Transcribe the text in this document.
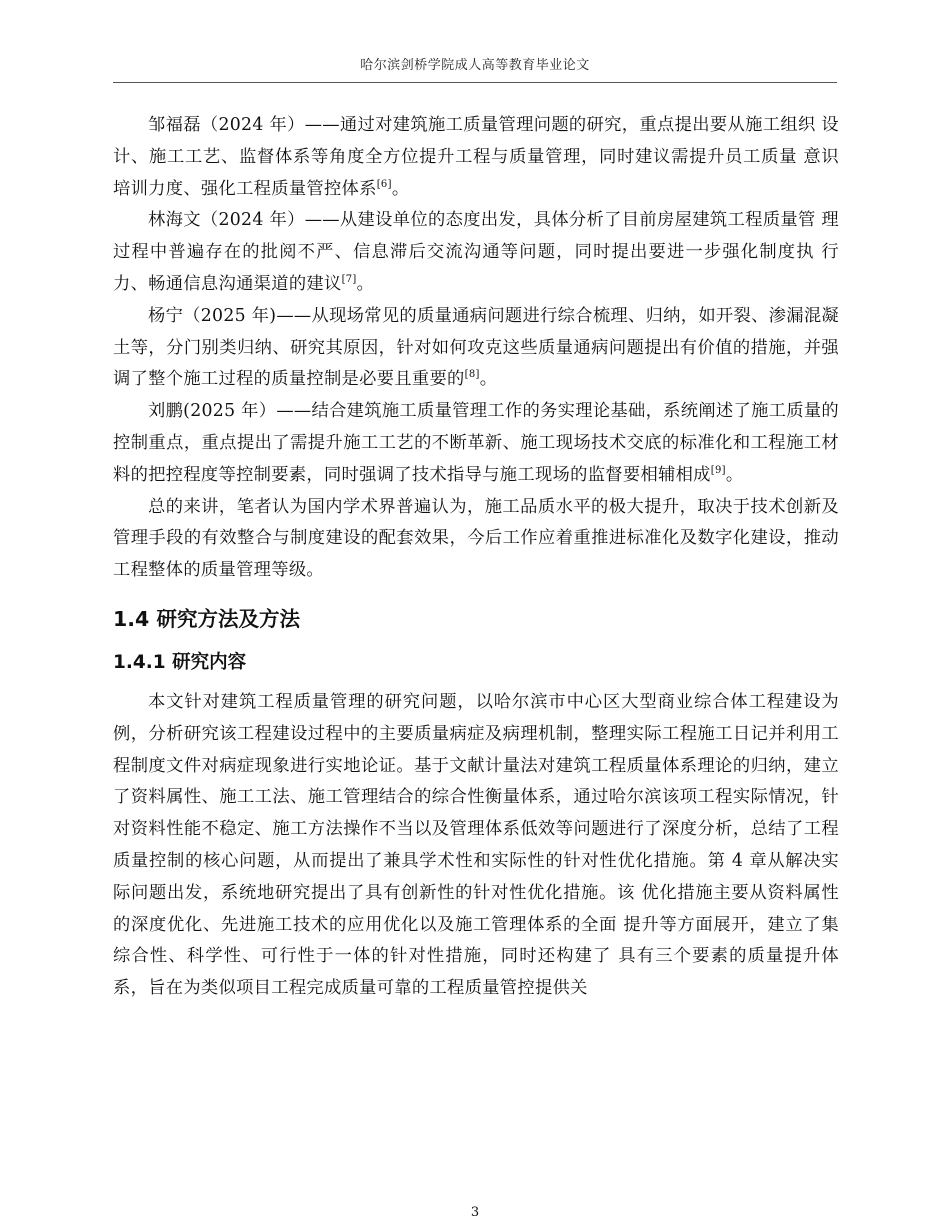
哈尔滨剑桥学院成人高等教育毕业论文

邹福磊（2024 年）——通过对建筑施工质量管理问题的研究，重点提出要从施工组织 设计、施工工艺、监督体系等角度全方位提升工程与质量管理，同时建议需提升员工质量 意识培训力度、强化工程质量管控体系[6]。

林海文（2024 年）——从建设单位的态度出发，具体分析了目前房屋建筑工程质量管 理过程中普遍存在的批阅不严、信息滞后交流沟通等问题，同时提出要进一步强化制度执 行力、畅通信息沟通渠道的建议[7]。

杨宁（2025 年)——从现场常见的质量通病问题进行综合梳理、归纳，如开裂、渗漏混凝土等，分门别类归纳、研究其原因，针对如何攻克这些质量通病问题提出有价值的措施，并强调了整个施工过程的质量控制是必要且重要的[8]。

刘鹏(2025 年）——结合建筑施工质量管理工作的务实理论基础，系统阐述了施工质量的控制重点，重点提出了需提升施工工艺的不断革新、施工现场技术交底的标准化和工程施工材料的把控程度等控制要素，同时强调了技术指导与施工现场的监督要相辅相成[9]。

总的来讲，笔者认为国内学术界普遍认为，施工品质水平的极大提升，取决于技术创新及管理手段的有效整合与制度建设的配套效果，今后工作应着重推进标准化及数字化建设，推动工程整体的质量管理等级。

1.4 研究方法及方法
1.4.1 研究内容

本文针对建筑工程质量管理的研究问题，以哈尔滨市中心区大型商业综合体工程建设为例，分析研究该工程建设过程中的主要质量病症及病理机制，整理实际工程施工日记并利用工程制度文件对病症现象进行实地论证。基于文献计量法对建筑工程质量体系理论的归纳，建立了资料属性、施工工法、施工管理结合的综合性衡量体系，通过哈尔滨该项工程实际情况，针对资料性能不稳定、施工方法操作不当以及管理体系低效等问题进行了深度分析，总结了工程质量控制的核心问题，从而提出了兼具学术性和实际性的针对性优化措施。第 4 章从解决实际问题出发，系统地研究提出了具有创新性的针对性优化措施。该 优化措施主要从资料属性的深度优化、先进施工技术的应用优化以及施工管理体系的全面 提升等方面展开，建立了集综合性、科学性、可行性于一体的针对性措施，同时还构建了 具有三个要素的质量提升体系，旨在为类似项目工程完成质量可靠的工程质量管控提供关

3
